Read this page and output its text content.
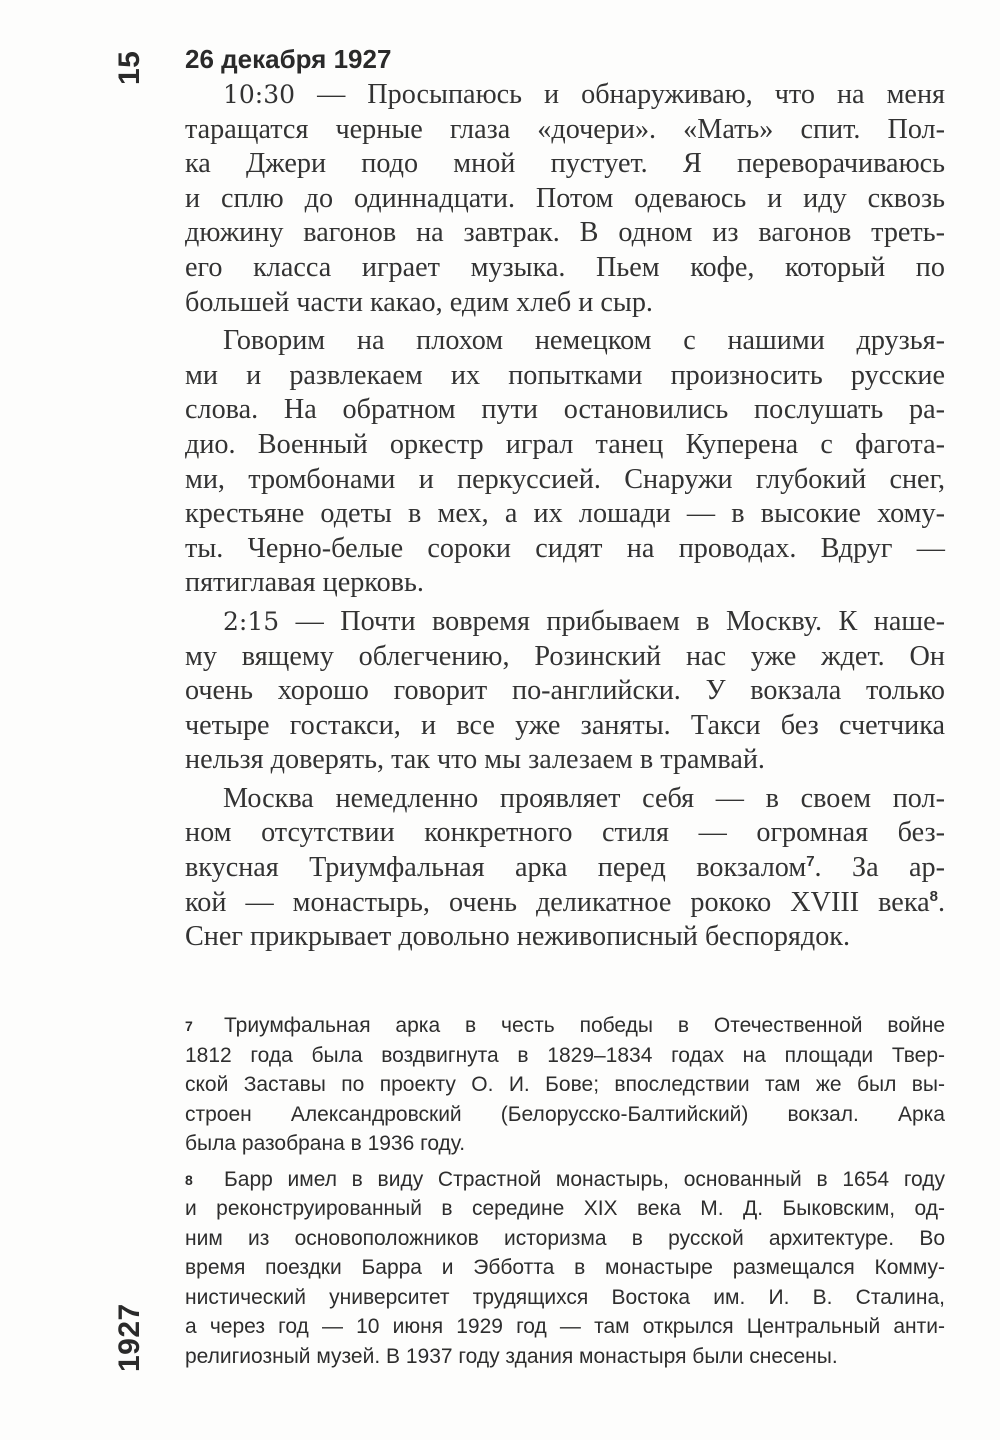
15
1927
26 декабря 1927
10:30 — Просыпаюсь и обнаруживаю, что на меня
таращатся черные глаза «дочери». «Мать» спит. Пол-
ка Джери подо мной пустует. Я переворачиваюсь
и сплю до одиннадцати. Потом одеваюсь и иду сквозь
дюжину вагонов на завтрак. В одном из вагонов треть-
его класса играет музыка. Пьем кофе, который по
большей части какао, едим хлеб и сыр.
Говорим на плохом немецком с нашими друзья-
ми и развлекаем их попытками произносить русские
слова. На обратном пути остановились послушать ра-
дио. Военный оркестр играл танец Куперена с фагота-
ми, тромбонами и перкуссией. Снаружи глубокий снег,
крестьяне одеты в мех, а их лошади — в высокие хому-
ты. Черно-белые сороки сидят на проводах. Вдруг —
пятиглавая церковь.
2:15 — Почти вовремя прибываем в Москву. К наше-
му вящему облегчению, Розинский нас уже ждет. Он
очень хорошо говорит по-английски. У вокзала только
четыре гостакси, и все уже заняты. Такси без счетчика
нельзя доверять, так что мы залезаем в трамвай.
Москва немедленно проявляет себя — в своем пол-
ном отсутствии конкретного стиля — огромная без-
вкусная Триумфальная арка перед вокзалом$^7$. За ар-
кой — монастырь, очень деликатное рококо XVIII века$^8$.
Снег прикрывает довольно неживописный беспорядок.
7	Триумфальная арка в честь победы в Отечественной войне
1812 года была воздвигнута в 1829–1834 годах на площади Твер-
ской Заставы по проекту О. И. Бове; впоследствии там же был вы-
строен Александровский (Белорусско-Балтийский) вокзал. Арка
была разобрана в 1936 году.
8	Барр имел в виду Страстной монастырь, основанный в 1654 году
и реконструированный в середине XIX века М. Д. Быковским, од-
ним из основоположников историзма в русской архитектуре. Во
время поездки Барра и Эбботта в монастыре размещался Комму-
нистический университет трудящихся Востока им. И. В. Сталина,
а через год — 10 июня 1929 год — там открылся Центральный анти-
религиозный музей. В 1937 году здания монастыря были снесены.
